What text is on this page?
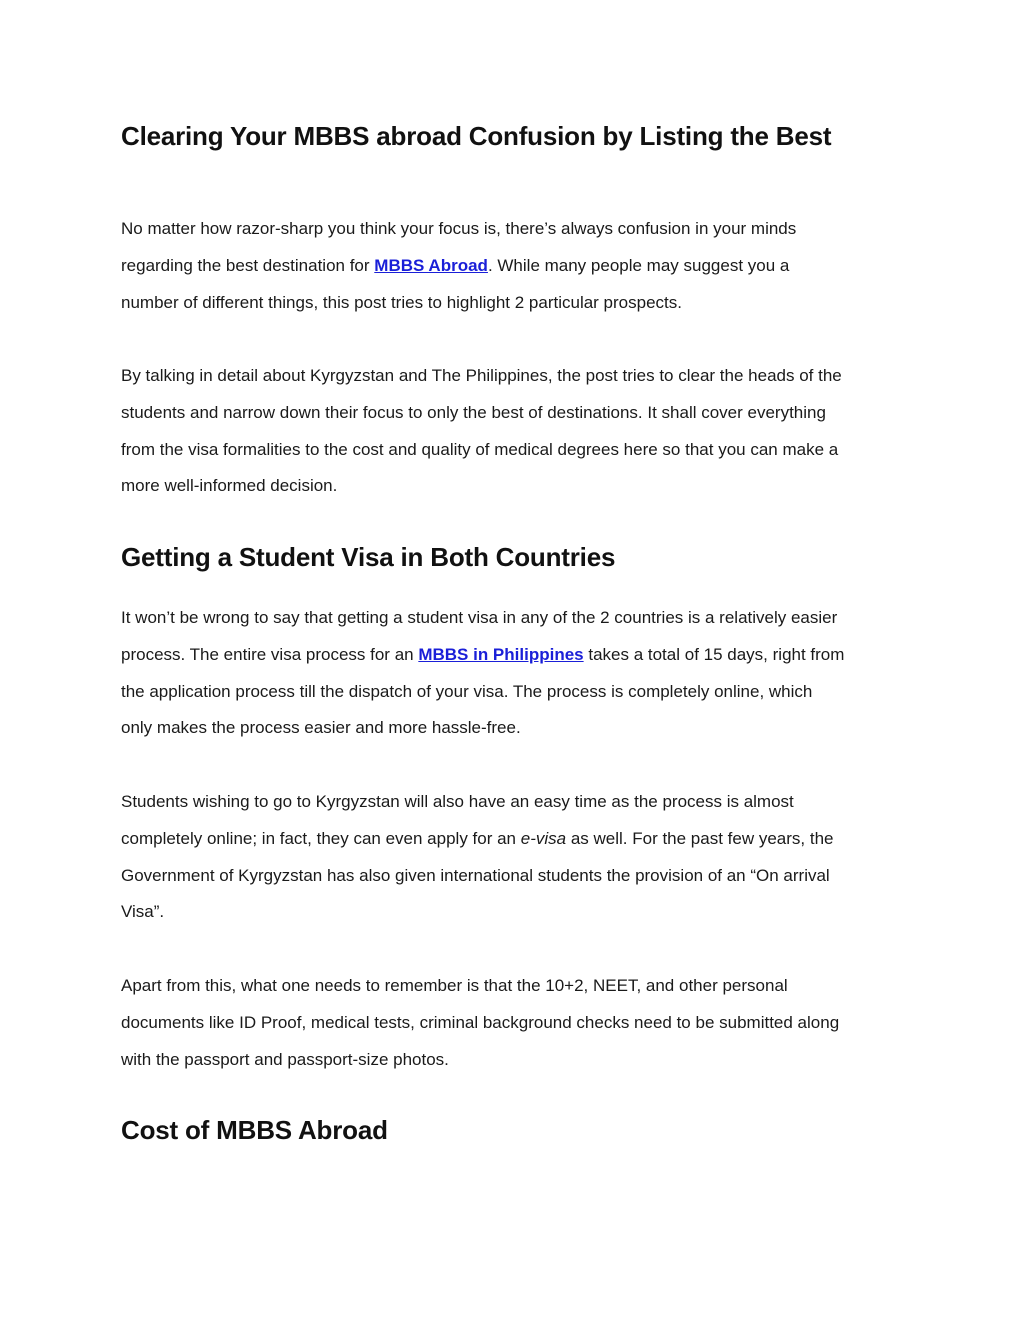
Clearing Your MBBS abroad Confusion by Listing the Best

No matter how razor-sharp you think your focus is, there’s always confusion in your minds
regarding the best destination for MBBS Abroad. While many people may suggest you a
number of different things, this post tries to highlight 2 particular prospects.

By talking in detail about Kyrgyzstan and The Philippines, the post tries to clear the heads of the
students and narrow down their focus to only the best of destinations. It shall cover everything
from the visa formalities to the cost and quality of medical degrees here so that you can make a
more well-informed decision.

Getting a Student Visa in Both Countries

It won’t be wrong to say that getting a student visa in any of the 2 countries is a relatively easier
process. The entire visa process for an MBBS in Philippines takes a total of 15 days, right from
the application process till the dispatch of your visa. The process is completely online, which
only makes the process easier and more hassle-free.

Students wishing to go to Kyrgyzstan will also have an easy time as the process is almost
completely online; in fact, they can even apply for an e-visa as well. For the past few years, the
Government of Kyrgyzstan has also given international students the provision of an “On arrival
Visa”.

Apart from this, what one needs to remember is that the 10+2, NEET, and other personal
documents like ID Proof, medical tests, criminal background checks need to be submitted along
with the passport and passport-size photos.

Cost of MBBS Abroad
